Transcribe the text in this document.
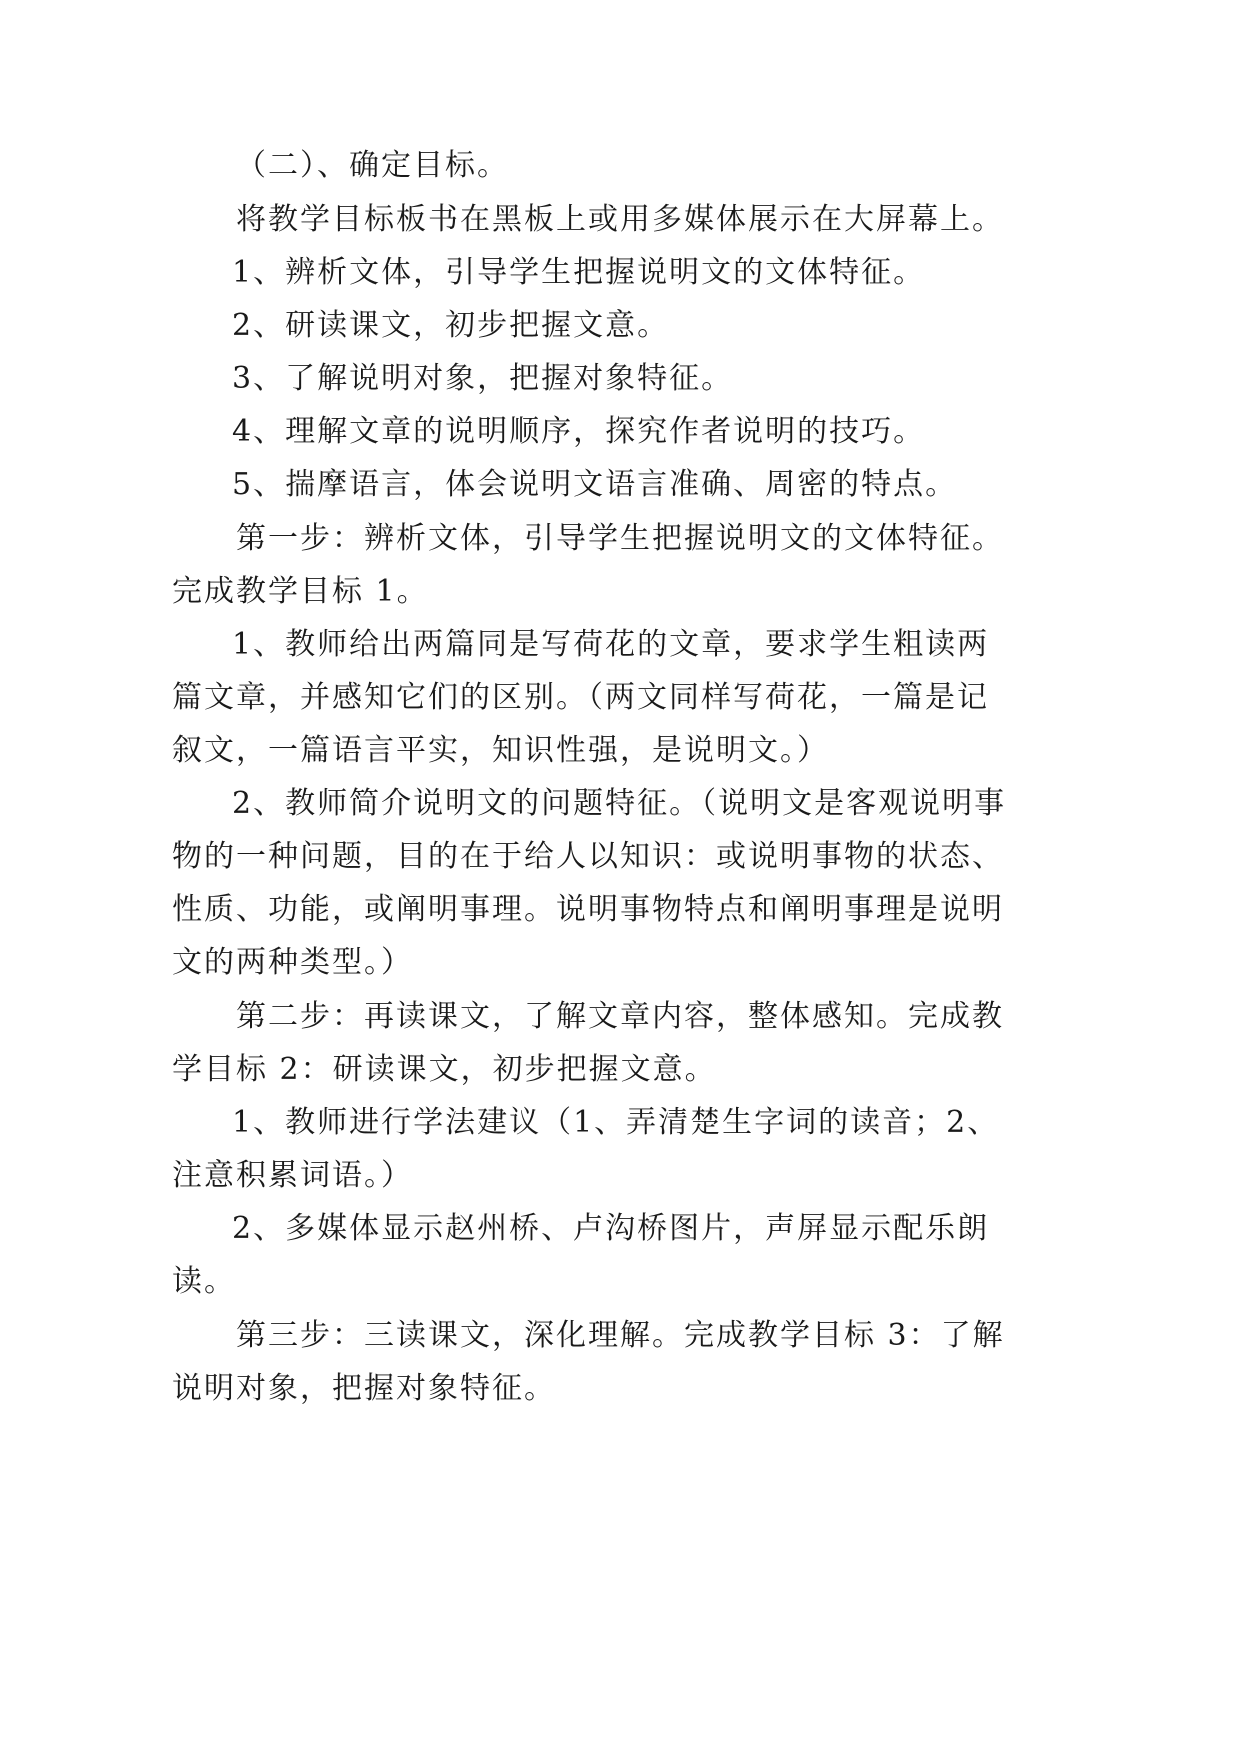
（二）、确定目标。
将教学目标板书在黑板上或用多媒体展示在大屏幕上。
1、辨析文体，引导学生把握说明文的文体特征。
2、研读课文，初步把握文意。
3、了解说明对象，把握对象特征。
4、理解文章的说明顺序，探究作者说明的技巧。
5、揣摩语言，体会说明文语言准确、周密的特点。
第一步：辨析文体，引导学生把握说明文的文体特征。
完成教学目标 1。
1、教师给出两篇同是写荷花的文章，要求学生粗读两
篇文章，并感知它们的区别。（两文同样写荷花，一篇是记
叙文，一篇语言平实，知识性强，是说明文。）
2、教师简介说明文的问题特征。（说明文是客观说明事
物的一种问题，目的在于给人以知识：或说明事物的状态、
性质、功能，或阐明事理。说明事物特点和阐明事理是说明
文的两种类型。）
第二步：再读课文，了解文章内容，整体感知。完成教
学目标 2：研读课文，初步把握文意。
1、教师进行学法建议（1、弄清楚生字词的读音；2、
注意积累词语。）
2、多媒体显示赵州桥、卢沟桥图片，声屏显示配乐朗
读。
第三步：三读课文，深化理解。完成教学目标 3：了解
说明对象，把握对象特征。
